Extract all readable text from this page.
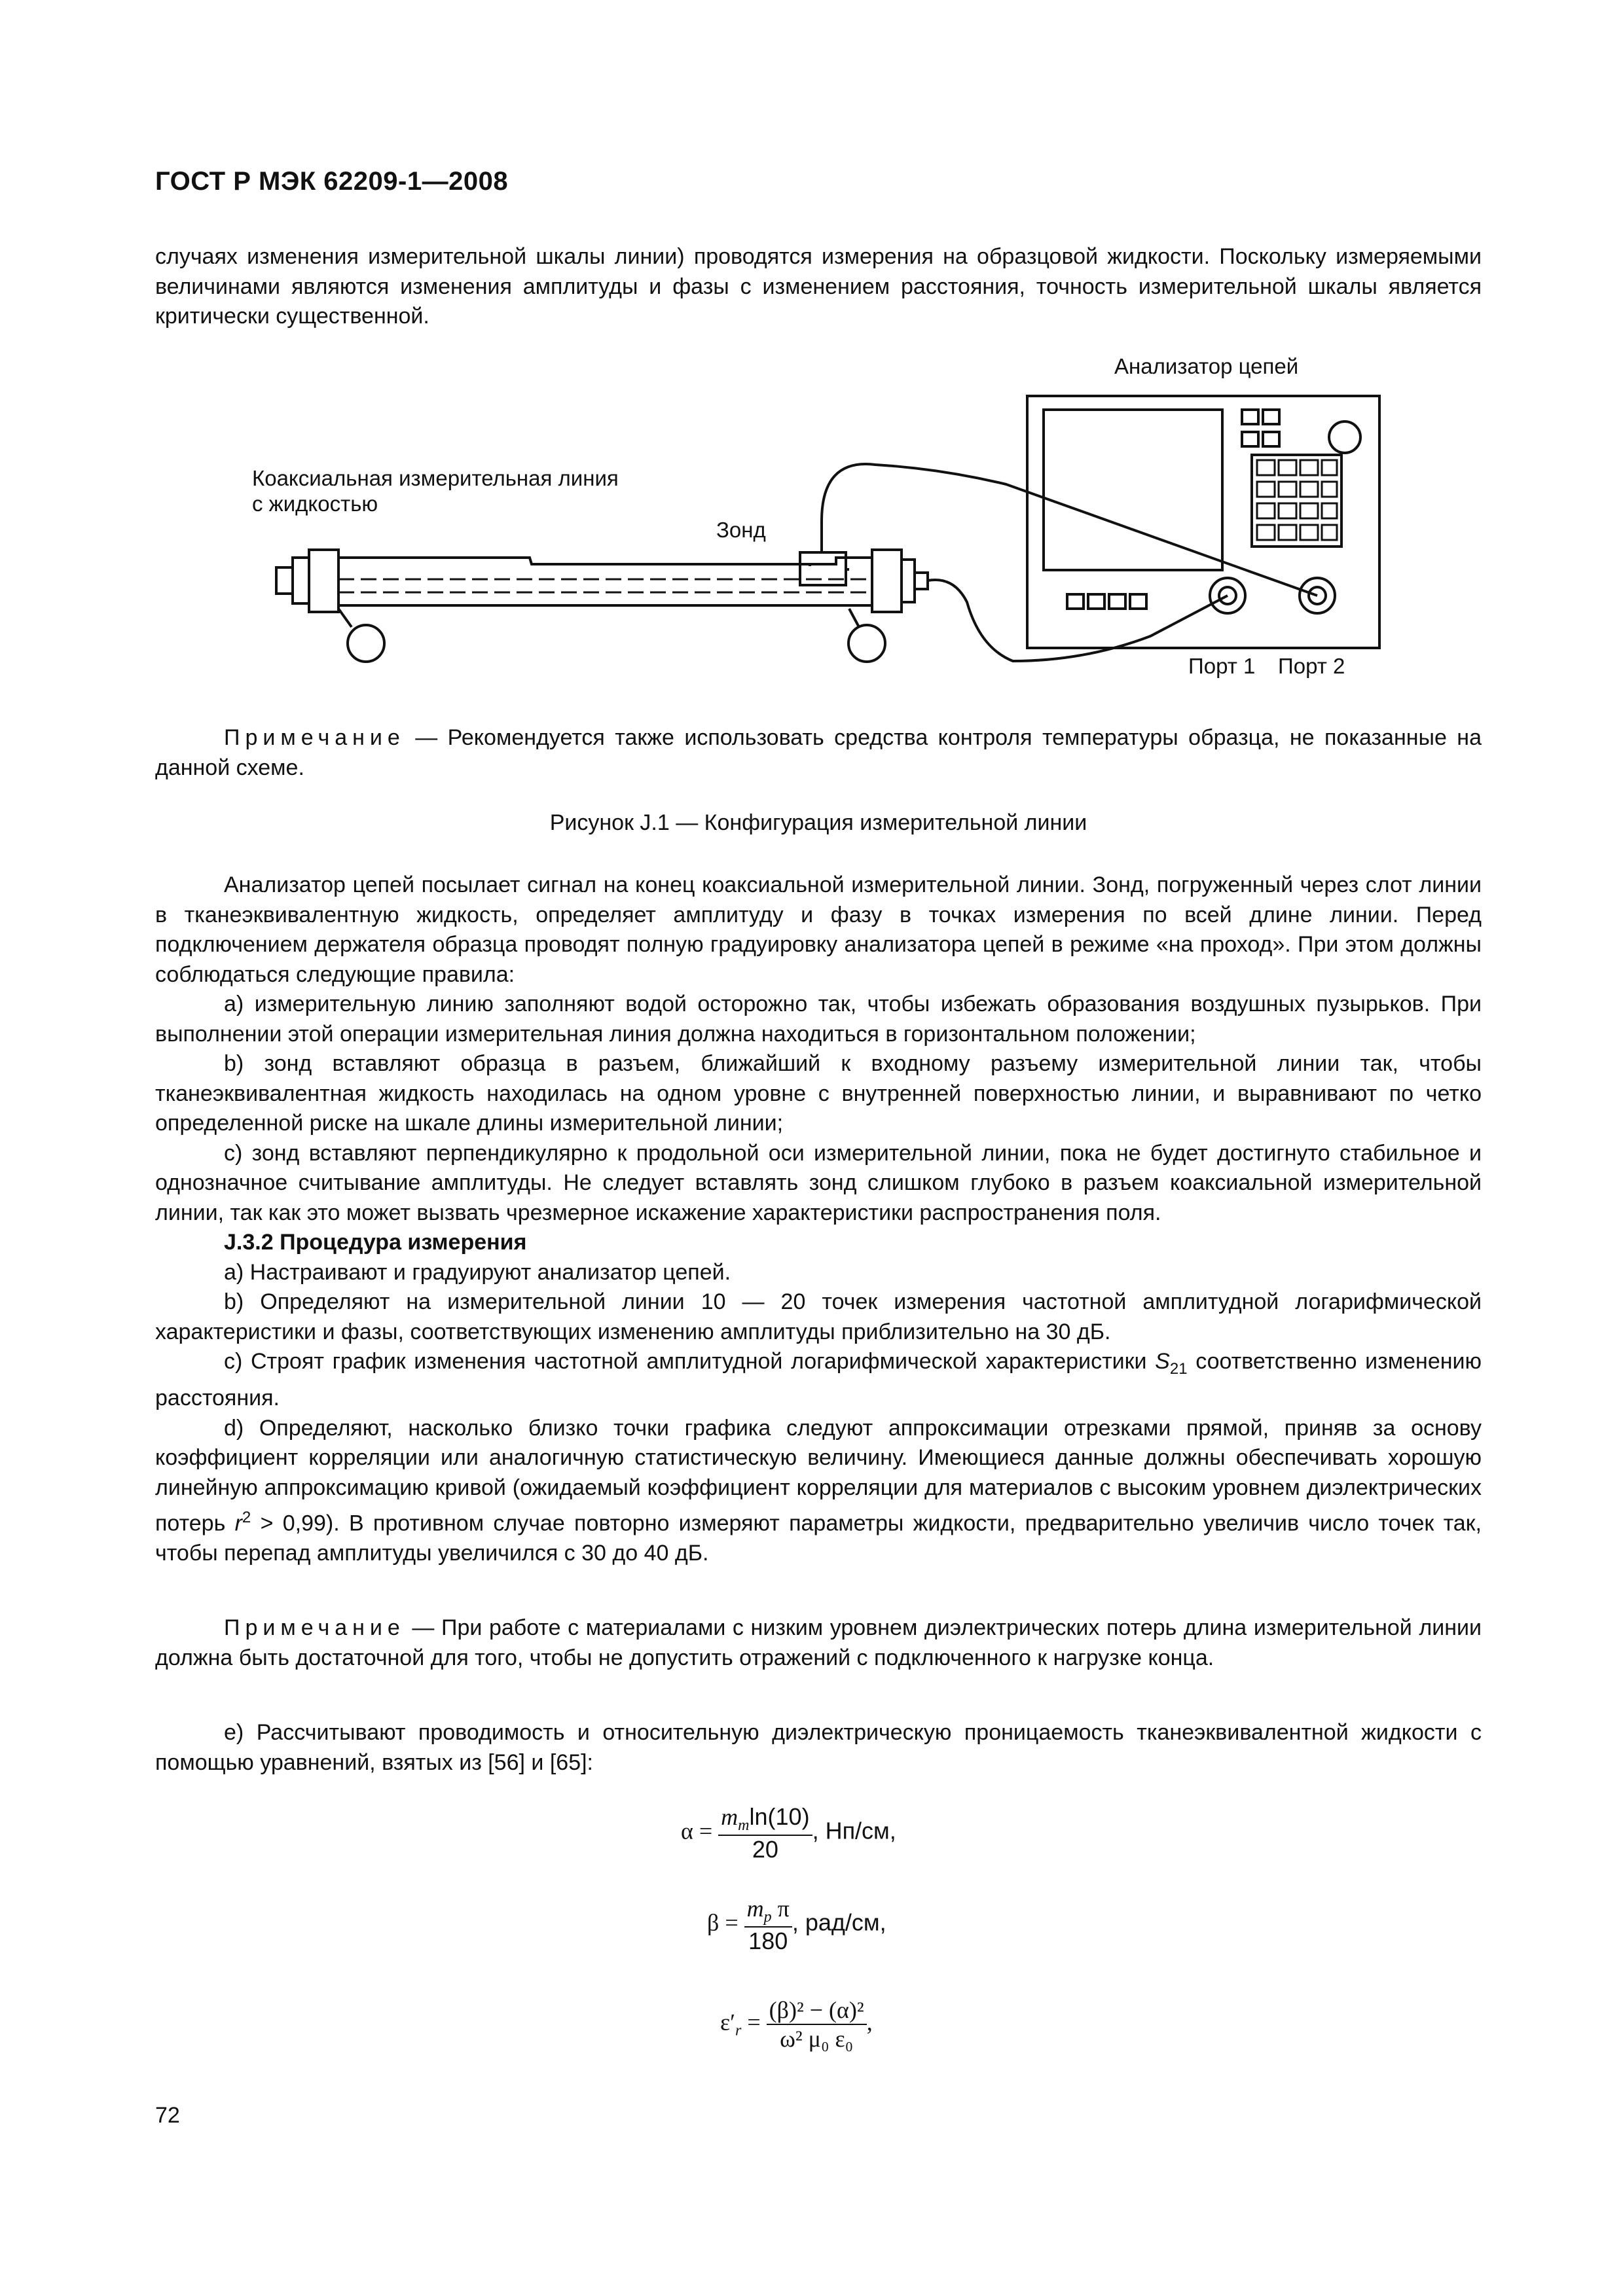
ГОСТ Р МЭК 62209-1—2008

случаях изменения измерительной шкалы линии) проводятся измерения на образцовой жидкости. Поскольку измеряемыми величинами являются изменения амплитуды и фазы с изменением расстояния, точность измерительной шкалы является критически существенной.

Анализатор цепей
Коаксиальная измерительная линия
с жидкостью
Зонд
Порт 1 Порт 2

Примечание — Рекомендуется также использовать средства контроля температуры образца, не показанные на данной схеме.

Рисунок J.1 — Конфигурация измерительной линии

Анализатор цепей посылает сигнал на конец коаксиальной измерительной линии. Зонд, погруженный через слот линии в тканеэквивалентную жидкость, определяет амплитуду и фазу в точках измерения по всей длине линии. Перед подключением держателя образца проводят полную градуировку анализатора цепей в режиме «на проход». При этом должны соблюдаться следующие правила:

a) измерительную линию заполняют водой осторожно так, чтобы избежать образования воздушных пузырьков. При выполнении этой операции измерительная линия должна находиться в горизонтальном положении;

b) зонд вставляют образца в разъем, ближайший к входному разъему измерительной линии так, чтобы тканеэквивалентная жидкость находилась на одном уровне с внутренней поверхностью линии, и выравнивают по четко определенной риске на шкале длины измерительной линии;

c) зонд вставляют перпендикулярно к продольной оси измерительной линии, пока не будет достигнуто стабильное и однозначное считывание амплитуды. Не следует вставлять зонд слишком глубоко в разъем коаксиальной измерительной линии, так как это может вызвать чрезмерное искажение характеристики распространения поля.

J.3.2 Процедура измерения

a) Настраивают и градуируют анализатор цепей.

b) Определяют на измерительной линии 10 — 20 точек измерения частотной амплитудной логарифмической характеристики и фазы, соответствующих изменению амплитуды приблизительно на 30 дБ.

c) Строят график изменения частотной амплитудной логарифмической характеристики $S_{21}$ соответственно изменению расстояния.

d) Определяют, насколько близко точки графика следуют аппроксимации отрезками прямой, приняв за основу коэффициент корреляции или аналогичную статистическую величину. Имеющиеся данные должны обеспечивать хорошую линейную аппроксимацию кривой (ожидаемый коэффициент корреляции для материалов с высоким уровнем диэлектрических потерь $r^2 > 0,99$). В противном случае повторно измеряют параметры жидкости, предварительно увеличив число точек так, чтобы перепад амплитуды увеличился с 30 до 40 дБ.

Примечание — При работе с материалами с низким уровнем диэлектрических потерь длина измерительной линии должна быть достаточной для того, чтобы не допустить отражений с подключенного к нагрузке конца.

e) Рассчитывают проводимость и относительную диэлектрическую проницаемость тканеэквивалентной жидкости с помощью уравнений, взятых из [56] и [65]:

$\alpha = \frac{m_m\ln(10)}{20}$ , Нп/см,
$\beta = \frac{m_p \pi}{180}$ , рад/см,
$\varepsilon'_r = \frac{\text{(β)² − (α)²}}{\text{ω² μ₀ ε₀}}$ ,
72
